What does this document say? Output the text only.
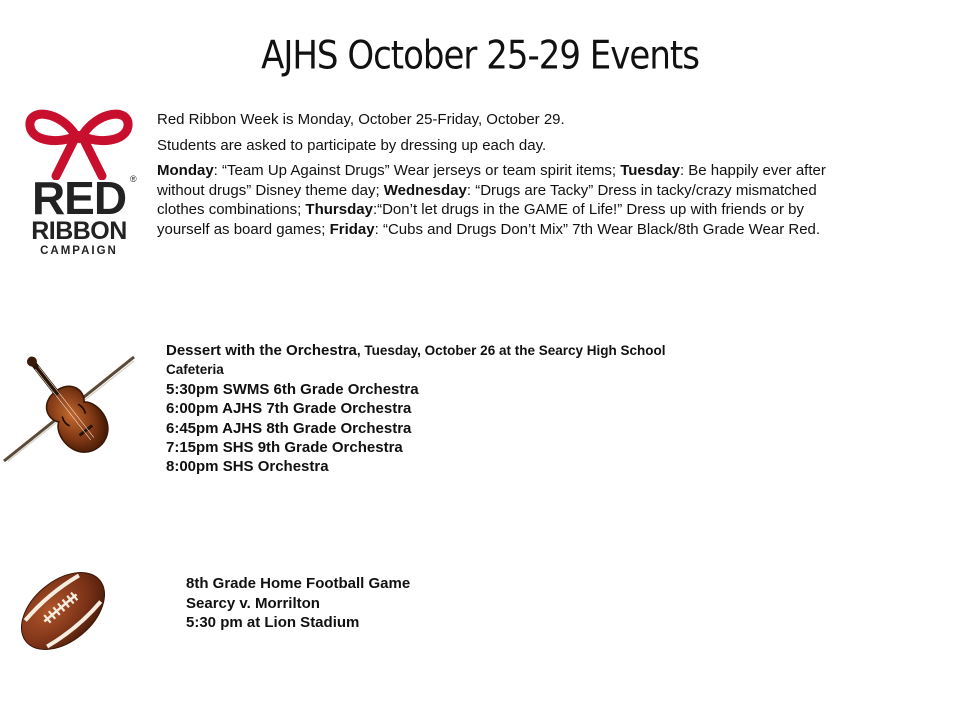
AJHS October 25-29 Events
RED ®
RIBBON
CAMPAIGN

Red Ribbon Week is Monday, October 25-Friday, October 29.

Students are asked to participate by dressing up each day.

Monday: “Team Up Against Drugs” Wear jerseys or team spirit items; Tuesday: Be happily ever after without drugs” Disney theme day; Wednesday: “Drugs are Tacky” Dress in tacky/crazy mismatched clothes combinations; Thursday:“Don’t let drugs in the GAME of Life!” Dress up with friends or by yourself as board games; Friday: “Cubs and Drugs Don’t Mix” 7th Wear Black/8th Grade Wear Red.

Dessert with the Orchestra, Tuesday, October 26 at the Searcy High School Cafeteria
5:30pm SWMS 6th Grade Orchestra
6:00pm AJHS 7th Grade Orchestra
6:45pm AJHS 8th Grade Orchestra
7:15pm SHS 9th Grade Orchestra
8:00pm SHS Orchestra
8th Grade Home Football Game
Searcy v. Morrilton
5:30 pm at Lion Stadium
